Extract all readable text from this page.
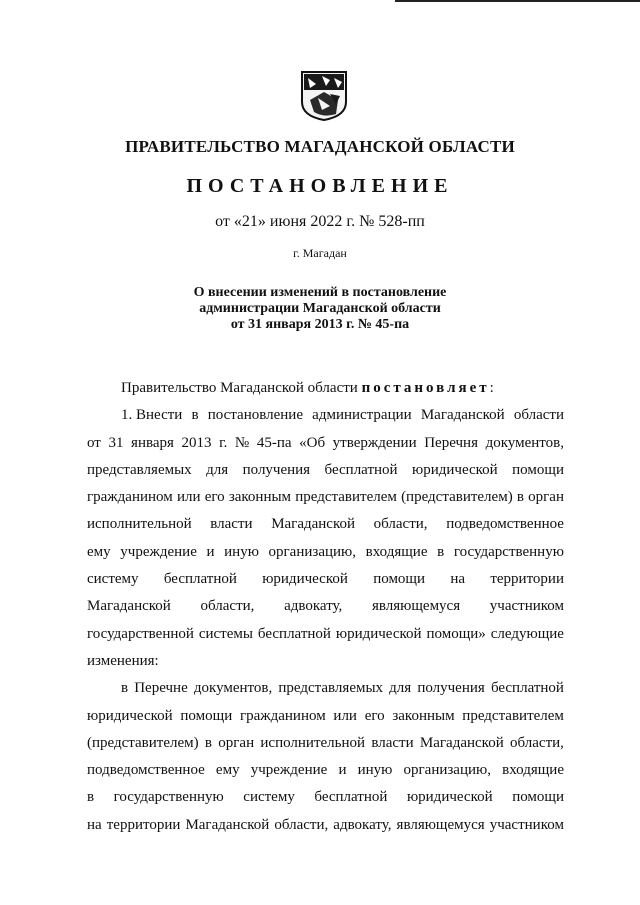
ПРАВИТЕЛЬСТВО МАГАДАНСКОЙ ОБЛАСТИ
ПОСТАНОВЛЕНИЕ
от «21» июня 2022 г. № 528-пп
г. Магадан
О внесении изменений в постановление
администрации Магаданской области
от 31 января 2013 г. № 45-па
Правительство Магаданской области постановляет:
1. Внести в постановление администрации Магаданской области
от 31 января 2013 г. № 45-па «Об утверждении Перечня документов,
представляемых для получения бесплатной юридической помощи
гражданином или его законным представителем (представителем) в орган
исполнительной власти Магаданской области, подведомственное
ему учреждение и иную организацию, входящие в государственную
систему бесплатной юридической помощи на территории
Магаданской области, адвокату, являющемуся участником
государственной системы бесплатной юридической помощи» следующие
изменения:
в Перечне документов, представляемых для получения бесплатной
юридической помощи гражданином или его законным представителем
(представителем) в орган исполнительной власти Магаданской области,
подведомственное ему учреждение и иную организацию, входящие
в государственную систему бесплатной юридической помощи
на территории Магаданской области, адвокату, являющемуся участником
